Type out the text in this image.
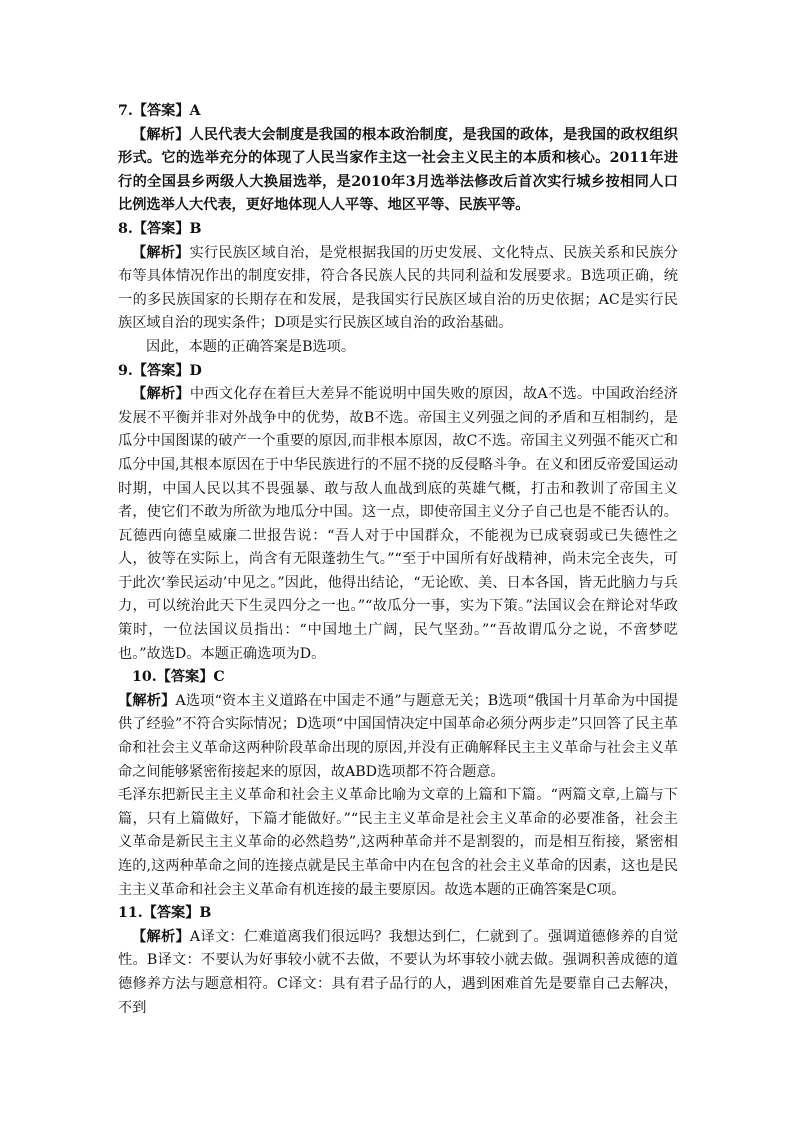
7.【答案】A

【解析】人民代表大会制度是我国的根本政治制度，是我国的政体，是我国的政权组织形式。它的选举充分的体现了人民当家作主这一社会主义民主的本质和核心。2011年进行的全国县乡两级人大换届选举，是2010年3月选举法修改后首次实行城乡按相同人口比例选举人大代表，更好地体现人人平等、地区平等、民族平等。

8.【答案】B

【解析】实行民族区域自治，是党根据我国的历史发展、文化特点、民族关系和民族分布等具体情况作出的制度安排，符合各民族人民的共同利益和发展要求。B选项正确，统一的多民族国家的长期存在和发展，是我国实行民族区域自治的历史依据；AC是实行民族区域自治的现实条件；D项是实行民族区域自治的政治基础。

因此，本题的正确答案是B选项。

9.【答案】D

【解析】中西文化存在着巨大差异不能说明中国失败的原因，故A不选。中国政治经济发展不平衡并非对外战争中的优势，故B不选。帝国主义列强之间的矛盾和互相制约，是瓜分中国图谋的破产一个重要的原因,而非根本原因，故C不选。帝国主义列强不能灭亡和瓜分中国,其根本原因在于中华民族进行的不屈不挠的反侵略斗争。在义和团反帝爱国运动时期，中国人民以其不畏强暴、敢与敌人血战到底的英雄气概，打击和教训了帝国主义者，使它们不敢为所欲为地瓜分中国。这一点，即使帝国主义分子自己也是不能否认的。瓦德西向德皇威廉二世报告说：“吾人对于中国群众，不能视为已成衰弱或已失德性之人，彼等在实际上，尚含有无限蓬勃生气。”“至于中国所有好战精神，尚未完全丧失，可于此次‘拳民运动’中见之。”因此，他得出结论，“无论欧、美、日本各国，皆无此脑力与兵力，可以统治此天下生灵四分之一也。”“故瓜分一事，实为下策。”法国议会在辩论对华政策时，一位法国议员指出：“中国地土广阔，民气坚劲。”“吾故谓瓜分之说，不啻梦呓也。”故选D。本题正确选项为D。

10.【答案】C

【解析】A选项“资本主义道路在中国走不通”与题意无关；B选项“俄国十月革命为中国提供了经验”不符合实际情况；D选项“中国国情决定中国革命必须分两步走”只回答了民主革命和社会主义革命这两种阶段革命出现的原因,并没有正确解释民主主义革命与社会主义革命之间能够紧密衔接起来的原因，故ABD选项都不符合题意。

毛泽东把新民主主义革命和社会主义革命比喻为文章的上篇和下篇。“两篇文章,上篇与下篇，只有上篇做好，下篇才能做好。”“民主主义革命是社会主义革命的必要准备，社会主义革命是新民主主义革命的必然趋势”,这两种革命并不是割裂的，而是相互衔接，紧密相连的,这两种革命之间的连接点就是民主革命中内在包含的社会主义革命的因素，这也是民主主义革命和社会主义革命有机连接的最主要原因。故选本题的正确答案是C项。

11.【答案】B

【解析】A译文：仁难道离我们很远吗？我想达到仁，仁就到了。强调道德修养的自觉性。B译文：不要认为好事较小就不去做，不要认为坏事较小就去做。强调积善成德的道德修养方法与题意相符。C译文：具有君子品行的人，遇到困难首先是要靠自己去解决，不到
